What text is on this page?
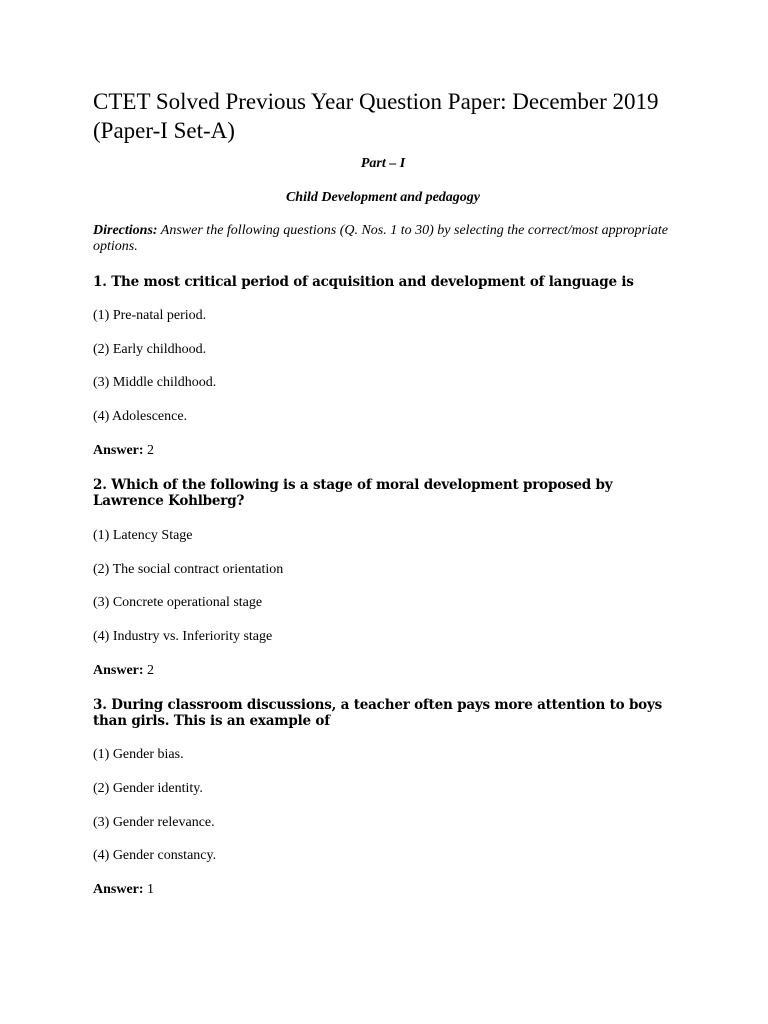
CTET Solved Previous Year Question Paper: December 2019 (Paper-I Set-A)
Part – I
Child Development and pedagogy
Directions: Answer the following questions (Q. Nos. 1 to 30) by selecting the correct/most appropriate options.
1. The most critical period of acquisition and development of language is
(1) Pre-natal period.
(2) Early childhood.
(3) Middle childhood.
(4) Adolescence.
Answer: 2
2. Which of the following is a stage of moral development proposed by Lawrence Kohlberg?
(1) Latency Stage
(2) The social contract orientation
(3) Concrete operational stage
(4) Industry vs. Inferiority stage
Answer: 2
3. During classroom discussions, a teacher often pays more attention to boys than girls. This is an example of
(1) Gender bias.
(2) Gender identity.
(3) Gender relevance.
(4) Gender constancy.
Answer: 1
